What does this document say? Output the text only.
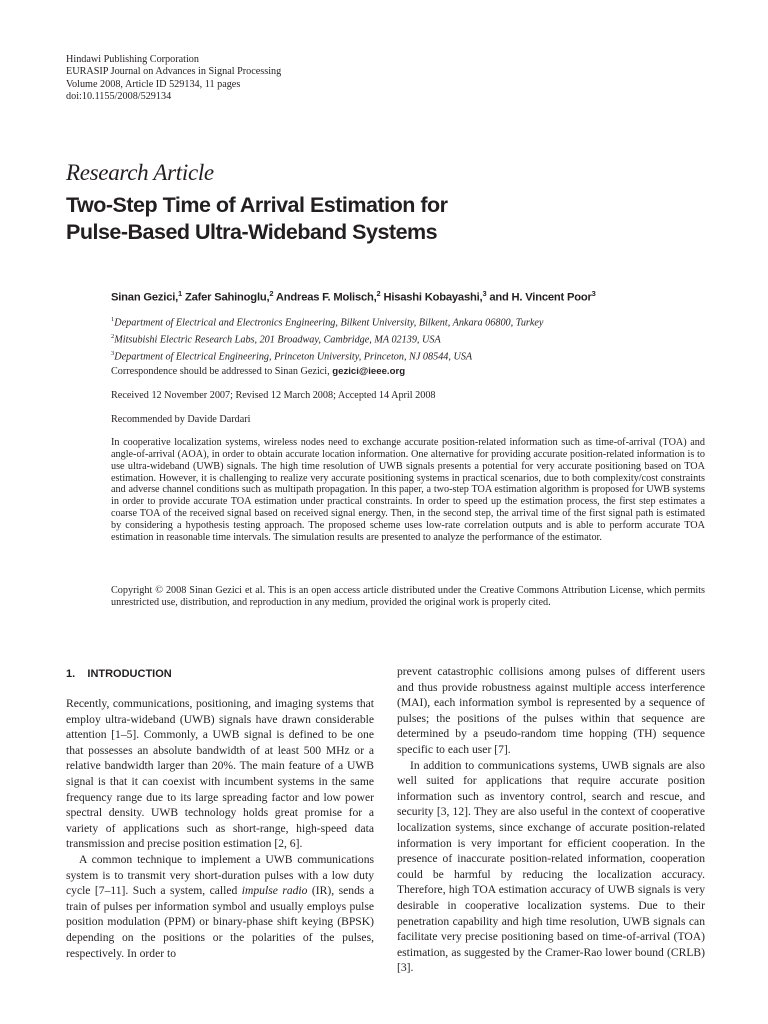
Hindawi Publishing Corporation
EURASIP Journal on Advances in Signal Processing
Volume 2008, Article ID 529134, 11 pages
doi:10.1155/2008/529134
Research Article
Two-Step Time of Arrival Estimation for
Pulse-Based Ultra-Wideband Systems
Sinan Gezici,$^1$ Zafer Sahinoglu,$^2$ Andreas F. Molisch,$^2$ Hisashi Kobayashi,$^3$ and H. Vincent Poor$^3$
$^1$Department of Electrical and Electronics Engineering, Bilkent University, Bilkent, Ankara 06800, Turkey
$^2$Mitsubishi Electric Research Labs, 201 Broadway, Cambridge, MA 02139, USA
$^3$Department of Electrical Engineering, Princeton University, Princeton, NJ 08544, USA
Correspondence should be addressed to Sinan Gezici, gezici@ieee.org
Received 12 November 2007; Revised 12 March 2008; Accepted 14 April 2008
Recommended by Davide Dardari
In cooperative localization systems, wireless nodes need to exchange accurate position-related information such as time-of-arrival (TOA) and angle-of-arrival (AOA), in order to obtain accurate location information. One alternative for providing accurate position-related information is to use ultra-wideband (UWB) signals. The high time resolution of UWB signals presents a potential for very accurate positioning based on TOA estimation. However, it is challenging to realize very accurate positioning systems in practical scenarios, due to both complexity/cost constraints and adverse channel conditions such as multipath propagation. In this paper, a two-step TOA estimation algorithm is proposed for UWB systems in order to provide accurate TOA estimation under practical constraints. In order to speed up the estimation process, the first step estimates a coarse TOA of the received signal based on received signal energy. Then, in the second step, the arrival time of the first signal path is estimated by considering a hypothesis testing approach. The proposed scheme uses low-rate correlation outputs and is able to perform accurate TOA estimation in reasonable time intervals. The simulation results are presented to analyze the performance of the estimator.
Copyright © 2008 Sinan Gezici et al. This is an open access article distributed under the Creative Commons Attribution License, which permits unrestricted use, distribution, and reproduction in any medium, provided the original work is properly cited.
1.    INTRODUCTION

Recently, communications, positioning, and imaging systems that employ ultra-wideband (UWB) signals have drawn considerable attention [1–5]. Commonly, a UWB signal is defined to be one that possesses an absolute bandwidth of at least 500 MHz or a relative bandwidth larger than 20%. The main feature of a UWB signal is that it can coexist with incumbent systems in the same frequency range due to its large spreading factor and low power spectral density. UWB technology holds great promise for a variety of applications such as short-range, high-speed data transmission and precise position estimation [2, 6].

A common technique to implement a UWB communications system is to transmit very short-duration pulses with a low duty cycle [7–11]. Such a system, called impulse radio (IR), sends a train of pulses per information symbol and usually employs pulse position modulation (PPM) or binary-phase shift keying (BPSK) depending on the positions or the polarities of the pulses, respectively. In order to

prevent catastrophic collisions among pulses of different users and thus provide robustness against multiple access interference (MAI), each information symbol is represented by a sequence of pulses; the positions of the pulses within that sequence are determined by a pseudo-random time hopping (TH) sequence specific to each user [7].

In addition to communications systems, UWB signals are also well suited for applications that require accurate position information such as inventory control, search and rescue, and security [3, 12]. They are also useful in the context of cooperative localization systems, since exchange of accurate position-related information is very important for efficient cooperation. In the presence of inaccurate position-related information, cooperation could be harmful by reducing the localization accuracy. Therefore, high TOA estimation accuracy of UWB signals is very desirable in cooperative localization systems. Due to their penetration capability and high time resolution, UWB signals can facilitate very precise positioning based on time-of-arrival (TOA) estimation, as suggested by the Cramer-Rao lower bound (CRLB) [3].
